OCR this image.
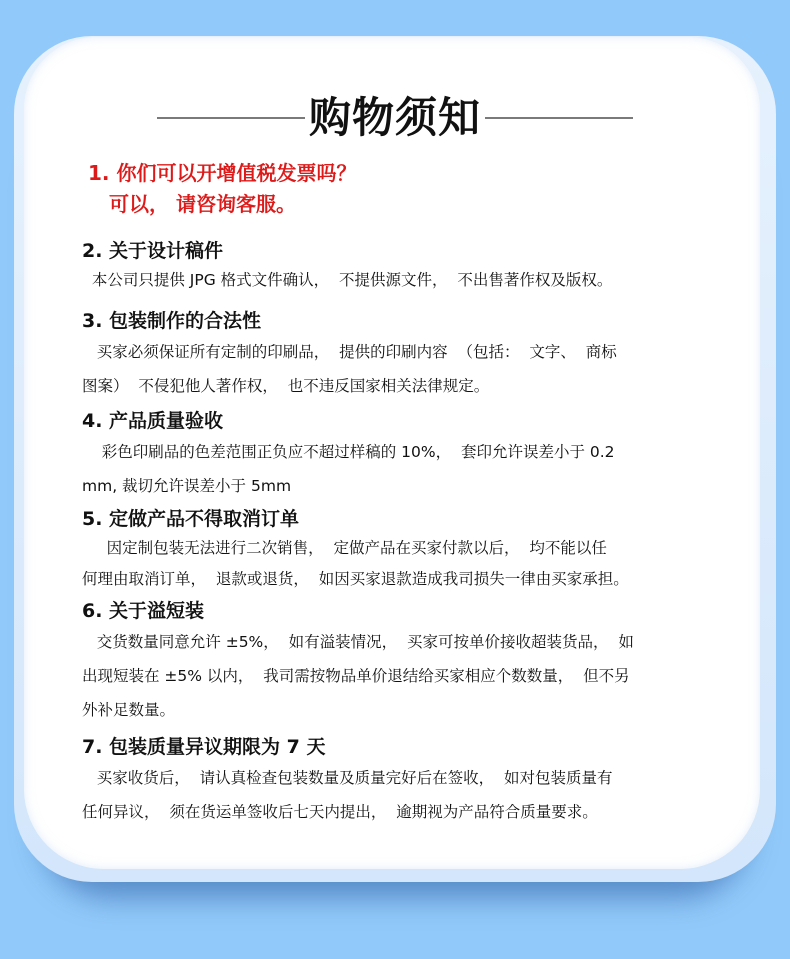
购物须知
1. 你们可以开增值税发票吗？
可以， 请咨询客服。
2. 关于设计稿件
本公司只提供 JPG 格式文件确认，  不提供源文件，  不出售著作权及版权。
3. 包装制作的合法性
买家必须保证所有定制的印刷品，  提供的印刷内容  （包括：  文字、  商标
图案）  不侵犯他人著作权，  也不违反国家相关法律规定。
4. 产品质量验收
彩色印刷品的色差范围正负应不超过样稿的 10%，  套印允许误差小于 0.2
mm, 裁切允许误差小于 5mm
5. 定做产品不得取消订单
因定制包装无法进行二次销售，  定做产品在买家付款以后，  均不能以任
何理由取消订单，  退款或退货，  如因买家退款造成我司损失一律由买家承担。
6. 关于溢短装
交货数量同意允许 ±5%，  如有溢装情况，  买家可按单价接收超装货品，  如
出现短装在 ±5% 以内，  我司需按物品单价退结给买家相应个数数量，  但不另
外补足数量。
7. 包装质量异议期限为 7 天
买家收货后，  请认真检查包装数量及质量完好后在签收，  如对包装质量有
任何异议，  须在货运单签收后七天内提出，  逾期视为产品符合质量要求。
